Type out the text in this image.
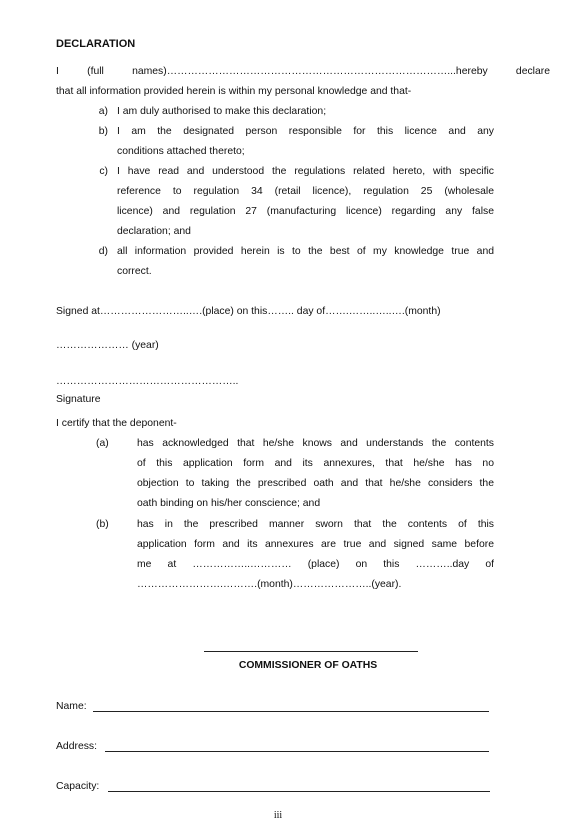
DECLARATION
I (full names)………………………………………………………………………...hereby declare
that all information provided herein is within my personal knowledge and that-
a) I am duly authorised to make this declaration;
b) I am the designated person responsible for this licence and any
conditions attached thereto;
c) I have read and understood the regulations related hereto, with specific
reference to regulation 34 (retail licence), regulation 25 (wholesale
licence) and regulation 27 (manufacturing licence) regarding any false
declaration; and
d) all information provided herein is to the best of my knowledge true and
correct.
Signed at……………………..….(place) on this…….. day of…….……..…..….(month)
………………… (year)
……………………………………………..
Signature
I certify that the deponent-
(a)	has acknowledged that he/she knows and understands the contents
of this application form and its annexures, that he/she has no
objection to taking the prescribed oath and that he/she considers the
oath binding on his/her conscience; and
(b)	has in the prescribed manner sworn that the contents of this
application form and its annexures are true and signed same before
me at ……………..………… (place) on this ………..day of
…………………….……….(month)…………………..(year).
COMMISSIONER OF OATHS
Name:
Address:
Capacity:
iii
